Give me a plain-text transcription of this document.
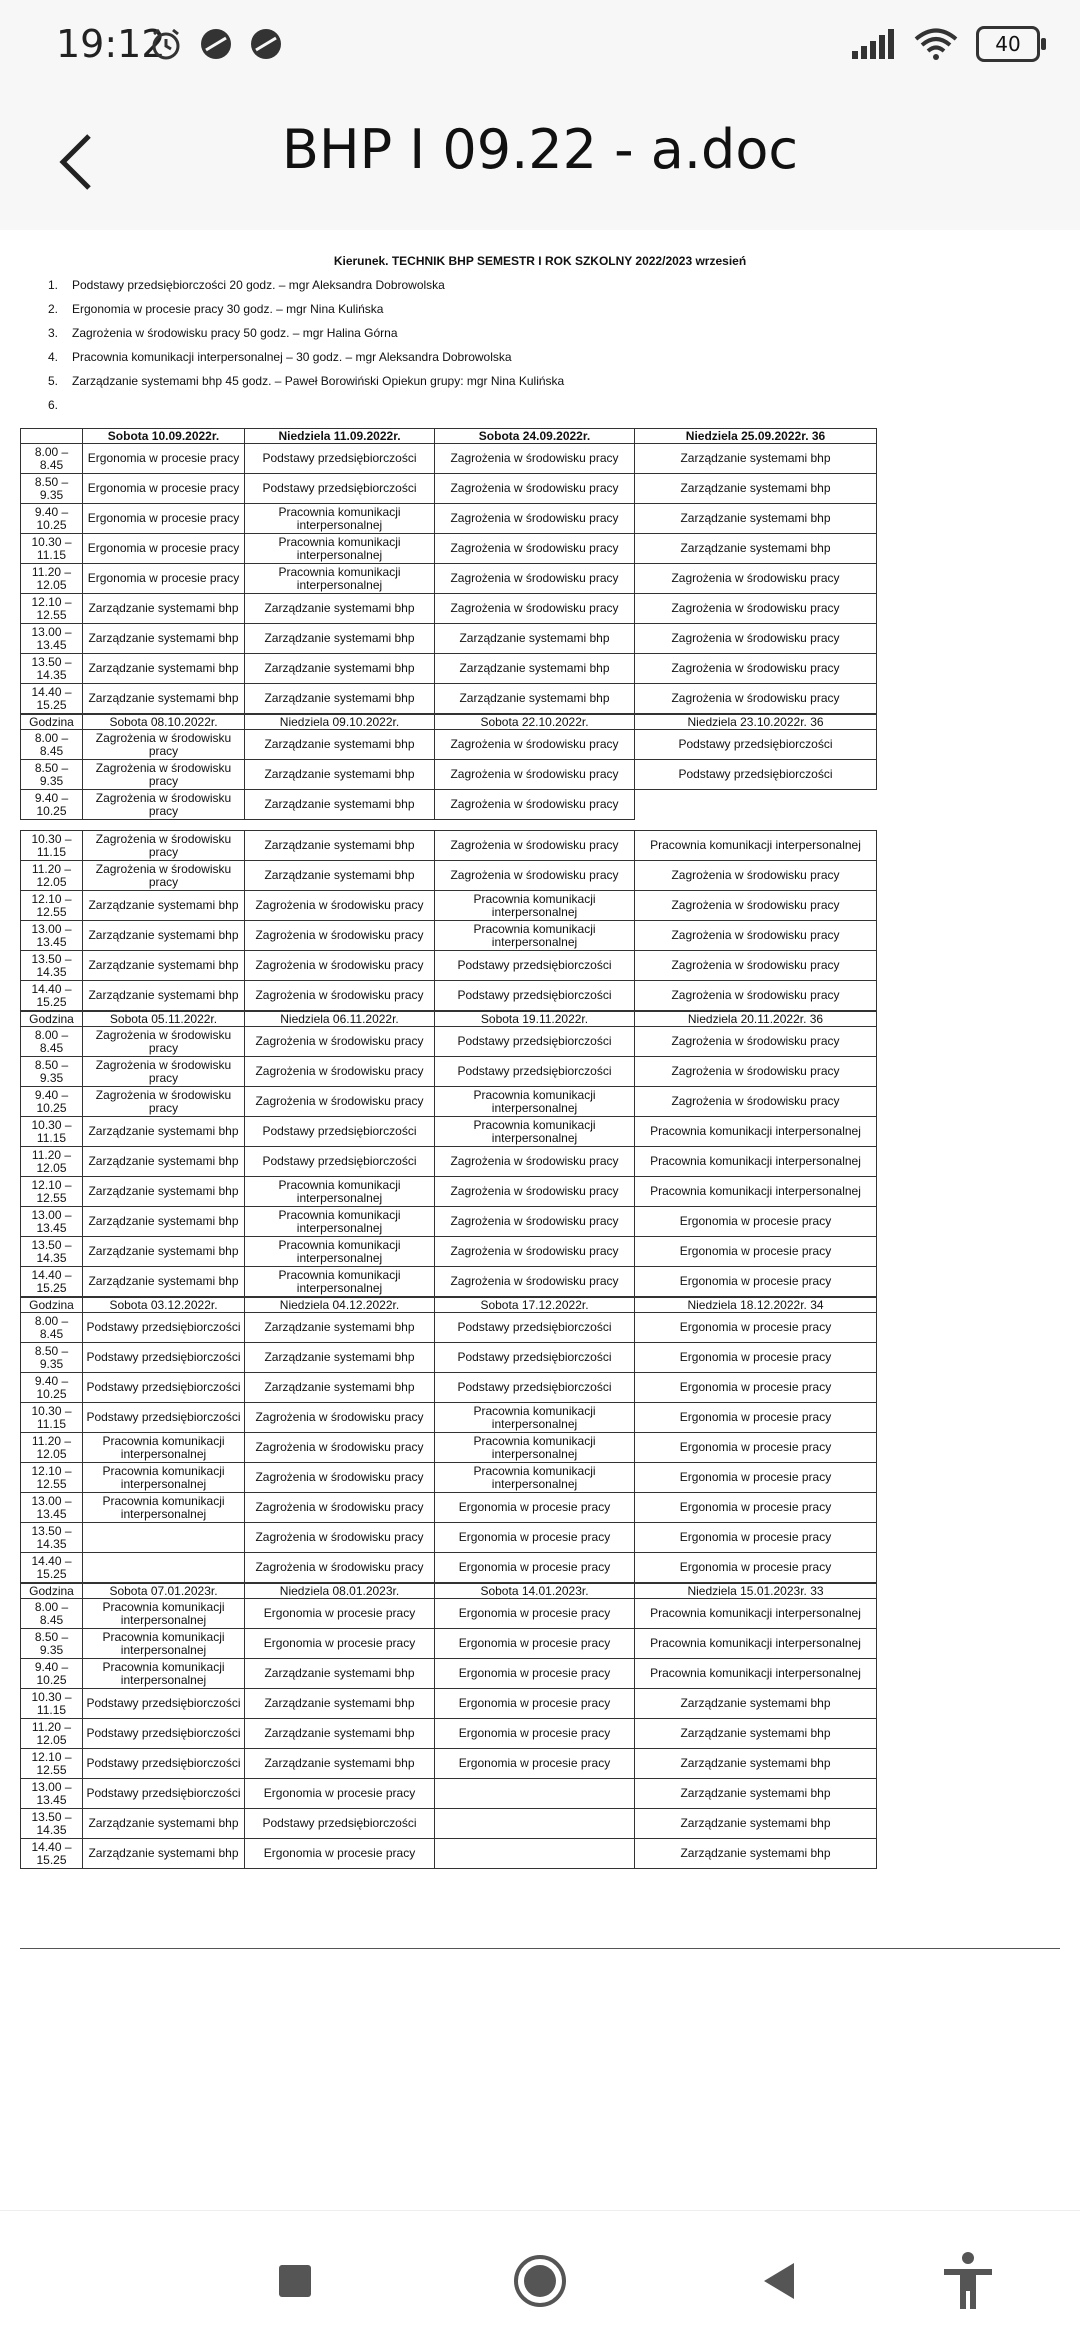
19:12	40
BHP I 09.22 - a.doc
Kierunek. TECHNIK BHP SEMESTR I ROK SZKOLNY 2022/2023 wrzesień
1.	Podstawy przedsiębiorczości 20 godz. – mgr Aleksandra Dobrowolska
2.	Ergonomia w procesie pracy 30 godz. – mgr Nina Kulińska
3.	Zagrożenia w środowisku pracy 50 godz. – mgr Halina Górna
4.	Pracownia komunikacji interpersonalnej – 30 godz. – mgr Aleksandra Dobrowolska
5.	Zarządzanie systemami bhp 45 godz. – Paweł Borowiński Opiekun grupy: mgr Nina Kulińska
6.
	Sobota 10.09.2022r.	Niedziela 11.09.2022r.	Sobota 24.09.2022r.	Niedziela 25.09.2022r. 36
8.00 – 8.45	Ergonomia w procesie pracy	Podstawy przedsiębiorczości	Zagrożenia w środowisku pracy	Zarządzanie systemami bhp
8.50 – 9.35	Ergonomia w procesie pracy	Podstawy przedsiębiorczości	Zagrożenia w środowisku pracy	Zarządzanie systemami bhp
9.40 – 10.25	Ergonomia w procesie pracy	Pracownia komunikacji interpersonalnej	Zagrożenia w środowisku pracy	Zarządzanie systemami bhp
10.30 – 11.15	Ergonomia w procesie pracy	Pracownia komunikacji interpersonalnej	Zagrożenia w środowisku pracy	Zarządzanie systemami bhp
11.20 – 12.05	Ergonomia w procesie pracy	Pracownia komunikacji interpersonalnej	Zagrożenia w środowisku pracy	Zagrożenia w środowisku pracy
12.10 – 12.55	Zarządzanie systemami bhp	Zarządzanie systemami bhp	Zagrożenia w środowisku pracy	Zagrożenia w środowisku pracy
13.00 – 13.45	Zarządzanie systemami bhp	Zarządzanie systemami bhp	Zarządzanie systemami bhp	Zagrożenia w środowisku pracy
13.50 – 14.35	Zarządzanie systemami bhp	Zarządzanie systemami bhp	Zarządzanie systemami bhp	Zagrożenia w środowisku pracy
14.40 – 15.25	Zarządzanie systemami bhp	Zarządzanie systemami bhp	Zarządzanie systemami bhp	Zagrożenia w środowisku pracy
Godzina	Sobota 08.10.2022r.	Niedziela 09.10.2022r.	Sobota 22.10.2022r.	Niedziela 23.10.2022r. 36
8.00 – 8.45	Zagrożenia w środowisku pracy	Zarządzanie systemami bhp	Zagrożenia w środowisku pracy	Podstawy przedsiębiorczości
8.50 – 9.35	Zagrożenia w środowisku pracy	Zarządzanie systemami bhp	Zagrożenia w środowisku pracy	Podstawy przedsiębiorczości
9.40 – 10.25	Zagrożenia w środowisku pracy	Zarządzanie systemami bhp	Zagrożenia w środowisku pracy	
10.30 – 11.15	Zagrożenia w środowisku pracy	Zarządzanie systemami bhp	Zagrożenia w środowisku pracy	Pracownia komunikacji interpersonalnej
11.20 – 12.05	Zagrożenia w środowisku pracy	Zarządzanie systemami bhp	Zagrożenia w środowisku pracy	Zagrożenia w środowisku pracy
12.10 – 12.55	Zarządzanie systemami bhp	Zagrożenia w środowisku pracy	Pracownia komunikacji interpersonalnej	Zagrożenia w środowisku pracy
13.00 – 13.45	Zarządzanie systemami bhp	Zagrożenia w środowisku pracy	Pracownia komunikacji interpersonalnej	Zagrożenia w środowisku pracy
13.50 – 14.35	Zarządzanie systemami bhp	Zagrożenia w środowisku pracy	Podstawy przedsiębiorczości	Zagrożenia w środowisku pracy
14.40 – 15.25	Zarządzanie systemami bhp	Zagrożenia w środowisku pracy	Podstawy przedsiębiorczości	Zagrożenia w środowisku pracy
Godzina	Sobota 05.11.2022r.	Niedziela 06.11.2022r.	Sobota 19.11.2022r.	Niedziela 20.11.2022r. 36
8.00 – 8.45	Zagrożenia w środowisku pracy	Zagrożenia w środowisku pracy	Podstawy przedsiębiorczości	Zagrożenia w środowisku pracy
8.50 – 9.35	Zagrożenia w środowisku pracy	Zagrożenia w środowisku pracy	Podstawy przedsiębiorczości	Zagrożenia w środowisku pracy
9.40 – 10.25	Zagrożenia w środowisku pracy	Zagrożenia w środowisku pracy	Pracownia komunikacji interpersonalnej	Zagrożenia w środowisku pracy
10.30 – 11.15	Zarządzanie systemami bhp	Podstawy przedsiębiorczości	Pracownia komunikacji interpersonalnej	Pracownia komunikacji interpersonalnej
11.20 – 12.05	Zarządzanie systemami bhp	Podstawy przedsiębiorczości	Zagrożenia w środowisku pracy	Pracownia komunikacji interpersonalnej
12.10 – 12.55	Zarządzanie systemami bhp	Pracownia komunikacji interpersonalnej	Zagrożenia w środowisku pracy	Pracownia komunikacji interpersonalnej
13.00 – 13.45	Zarządzanie systemami bhp	Pracownia komunikacji interpersonalnej	Zagrożenia w środowisku pracy	Ergonomia w procesie pracy
13.50 – 14.35	Zarządzanie systemami bhp	Pracownia komunikacji interpersonalnej	Zagrożenia w środowisku pracy	Ergonomia w procesie pracy
14.40 – 15.25	Zarządzanie systemami bhp	Pracownia komunikacji interpersonalnej	Zagrożenia w środowisku pracy	Ergonomia w procesie pracy
Godzina	Sobota 03.12.2022r.	Niedziela 04.12.2022r.	Sobota 17.12.2022r.	Niedziela 18.12.2022r. 34
8.00 – 8.45	Podstawy przedsiębiorczości	Zarządzanie systemami bhp	Podstawy przedsiębiorczości	Ergonomia w procesie pracy
8.50 – 9.35	Podstawy przedsiębiorczości	Zarządzanie systemami bhp	Podstawy przedsiębiorczości	Ergonomia w procesie pracy
9.40 – 10.25	Podstawy przedsiębiorczości	Zarządzanie systemami bhp	Podstawy przedsiębiorczości	Ergonomia w procesie pracy
10.30 – 11.15	Podstawy przedsiębiorczości	Zagrożenia w środowisku pracy	Pracownia komunikacji interpersonalnej	Ergonomia w procesie pracy
11.20 – 12.05	Pracownia komunikacji interpersonalnej	Zagrożenia w środowisku pracy	Pracownia komunikacji interpersonalnej	Ergonomia w procesie pracy
12.10 – 12.55	Pracownia komunikacji interpersonalnej	Zagrożenia w środowisku pracy	Pracownia komunikacji interpersonalnej	Ergonomia w procesie pracy
13.00 – 13.45	Pracownia komunikacji interpersonalnej	Zagrożenia w środowisku pracy	Ergonomia w procesie pracy	Ergonomia w procesie pracy
13.50 – 14.35		Zagrożenia w środowisku pracy	Ergonomia w procesie pracy	Ergonomia w procesie pracy
14.40 – 15.25		Zagrożenia w środowisku pracy	Ergonomia w procesie pracy	Ergonomia w procesie pracy
Godzina	Sobota 07.01.2023r.	Niedziela 08.01.2023r.	Sobota 14.01.2023r.	Niedziela 15.01.2023r. 33
8.00 – 8.45	Pracownia komunikacji interpersonalnej	Ergonomia w procesie pracy	Ergonomia w procesie pracy	Pracownia komunikacji interpersonalnej
8.50 – 9.35	Pracownia komunikacji interpersonalnej	Ergonomia w procesie pracy	Ergonomia w procesie pracy	Pracownia komunikacji interpersonalnej
9.40 – 10.25	Pracownia komunikacji interpersonalnej	Zarządzanie systemami bhp	Ergonomia w procesie pracy	Pracownia komunikacji interpersonalnej
10.30 – 11.15	Podstawy przedsiębiorczości	Zarządzanie systemami bhp	Ergonomia w procesie pracy	Zarządzanie systemami bhp
11.20 – 12.05	Podstawy przedsiębiorczości	Zarządzanie systemami bhp	Ergonomia w procesie pracy	Zarządzanie systemami bhp
12.10 – 12.55	Podstawy przedsiębiorczości	Zarządzanie systemami bhp	Ergonomia w procesie pracy	Zarządzanie systemami bhp
13.00 – 13.45	Podstawy przedsiębiorczości	Ergonomia w procesie pracy		Zarządzanie systemami bhp
13.50 – 14.35	Zarządzanie systemami bhp	Podstawy przedsiębiorczości		Zarządzanie systemami bhp
14.40 – 15.25	Zarządzanie systemami bhp	Ergonomia w procesie pracy		Zarządzanie systemami bhp
